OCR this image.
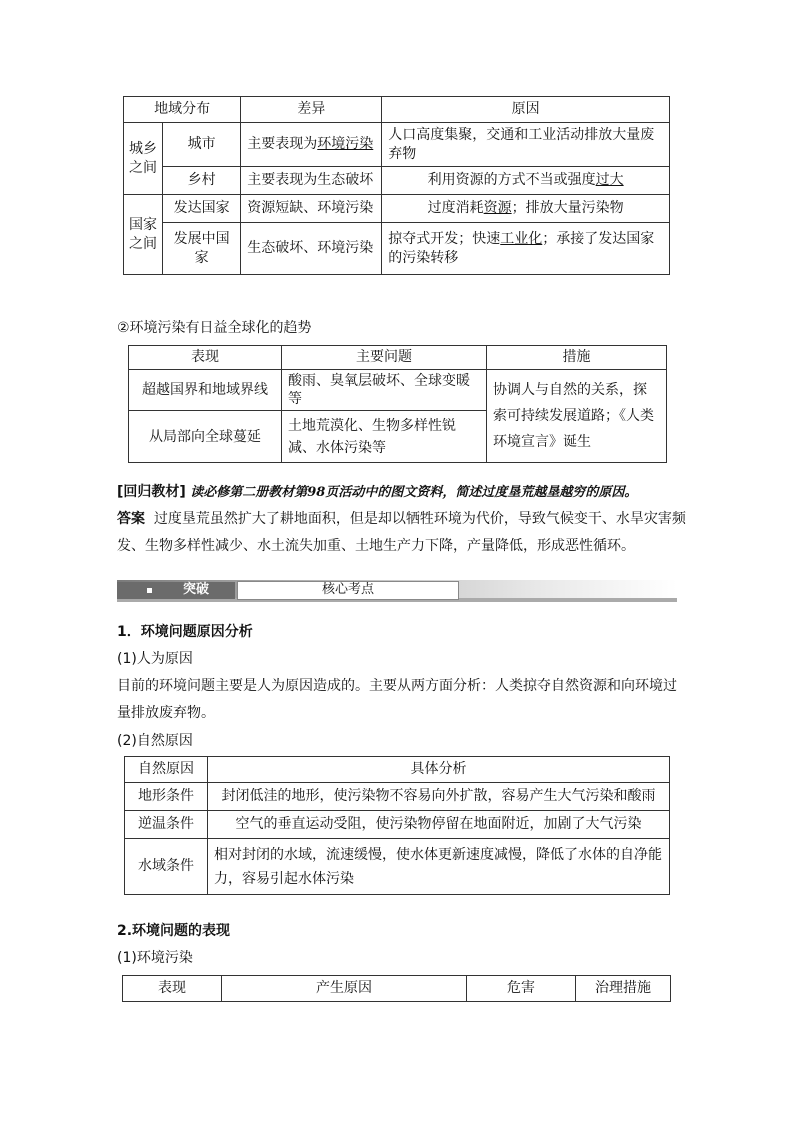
地域分布		差异	原因
城乡之间	城市	主要表现为环境污染	人口高度集聚，交通和工业活动排放大量废弃物
	乡村	主要表现为生态破坏	利用资源的方式不当或强度过大
国家之间	发达国家	资源短缺、环境污染	过度消耗资源；排放大量污染物
	发展中国家	生态破坏、环境污染	掠夺式开发；快速工业化；承接了发达国家的污染转移
②环境污染有日益全球化的趋势
表现	主要问题	措施
超越国界和地域界线	酸雨、臭氧层破坏、全球变暖等	协调人与自然的关系，探索可持续发展道路；《人类环境宣言》诞生
从局部向全球蔓延	土地荒漠化、生物多样性锐减、水体污染等	
[回归教材] 读必修第二册教材第98页活动中的图文资料，简述过度垦荒越垦越穷的原因。
答案 过度垦荒虽然扩大了耕地面积，但是却以牺牲环境为代价，导致气候变干、水旱灾害频发、生物多样性减少、水土流失加重、土地生产力下降，产量降低，形成恶性循环。
突破	核心考点
1．环境问题原因分析
(1)人为原因
目前的环境问题主要是人为原因造成的。主要从两方面分析：人类掠夺自然资源和向环境过量排放废弃物。
(2)自然原因
自然原因	具体分析
地形条件	封闭低洼的地形，使污染物不容易向外扩散，容易产生大气污染和酸雨
逆温条件	空气的垂直运动受阻，使污染物停留在地面附近，加剧了大气污染
水域条件	相对封闭的水域，流速缓慢，使水体更新速度减慢，降低了水体的自净能力，容易引起水体污染
2.环境问题的表现
(1)环境污染
表现	产生原因	危害	治理措施
